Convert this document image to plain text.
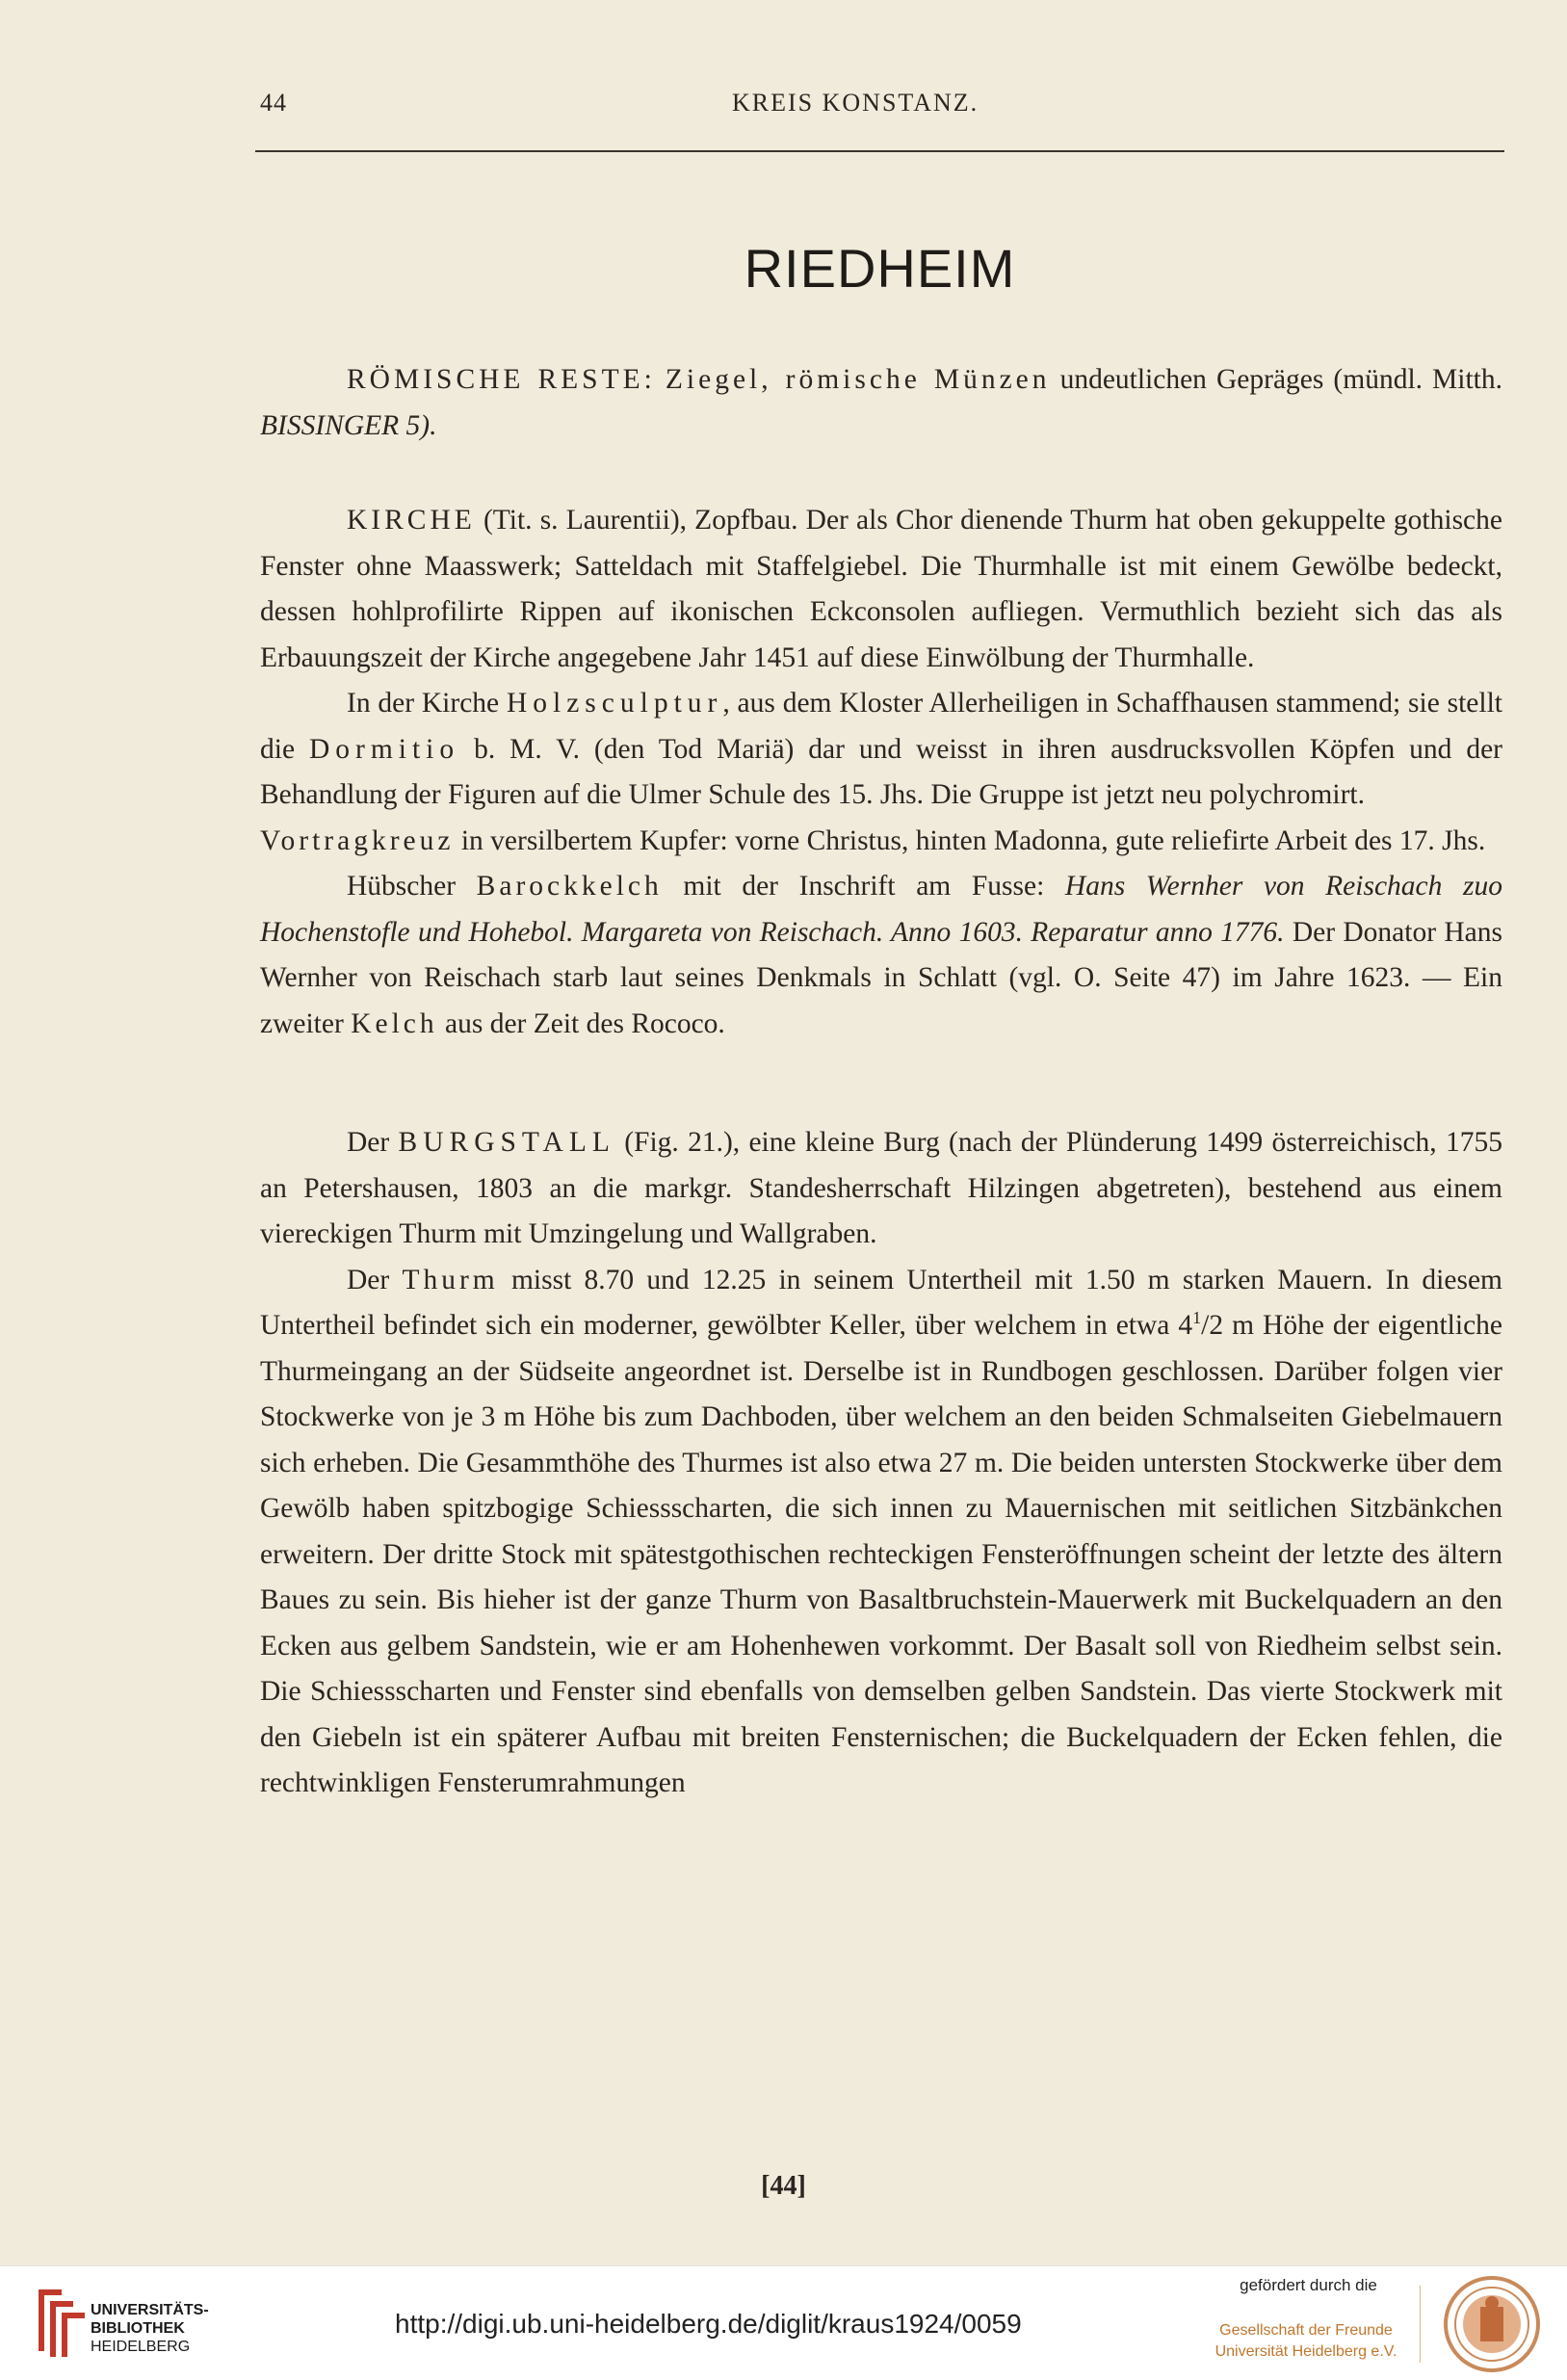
44	KREIS KONSTANZ.
RIEDHEIM

RÖMISCHE RESTE: Ziegel, römische Münzen undeutlichen Gepräges (mündl. Mitth. BISSINGER 5).

KIRCHE (Tit. s. Laurentii), Zopfbau. Der als Chor dienende Thurm hat oben gekuppelte gothische Fenster ohne Maasswerk; Satteldach mit Staffelgiebel. Die Thurmhalle ist mit einem Gewölbe bedeckt, dessen hohlprofilirte Rippen auf ikonischen Eckconsolen aufliegen. Vermuthlich bezieht sich das als Erbauungszeit der Kirche angegebene Jahr 1451 auf diese Einwölbung der Thurmhalle.

In der Kirche Holzsculptur, aus dem Kloster Allerheiligen in Schaffhausen stammend; sie stellt die Dormitio b. M. V. (den Tod Mariä) dar und weisst in ihren ausdrucksvollen Köpfen und der Behandlung der Figuren auf die Ulmer Schule des 15. Jhs. Die Gruppe ist jetzt neu polychromirt.

Vortragkreuz in versilbertem Kupfer: vorne Christus, hinten Madonna, gute reliefirte Arbeit des 17. Jhs.

Hübscher Barockkelch mit der Inschrift am Fusse: Hans Wernher von Reischach zuo Hochenstofle und Hohebol. Margareta von Reischach. Anno 1603. Reparatur anno 1776. Der Donator Hans Wernher von Reischach starb laut seines Denkmals in Schlatt (vgl. O. Seite 47) im Jahre 1623. — Ein zweiter Kelch aus der Zeit des Rococo.

Der BURGSTALL (Fig. 21.), eine kleine Burg (nach der Plünderung 1499 österreichisch, 1755 an Petershausen, 1803 an die markgr. Standesherrschaft Hilzingen abgetreten), bestehend aus einem viereckigen Thurm mit Umzingelung und Wallgraben.

Der Thurm misst 8.70 und 12.25 in seinem Untertheil mit 1.50 m starken Mauern. In diesem Untertheil befindet sich ein moderner, gewölbter Keller, über welchem in etwa $4^1/2$ m Höhe der eigentliche Thurmeingang an der Südseite angeordnet ist. Derselbe ist in Rundbogen geschlossen. Darüber folgen vier Stockwerke von je 3 m Höhe bis zum Dachboden, über welchem an den beiden Schmalseiten Giebelmauern sich erheben. Die Gesammthöhe des Thurmes ist also etwa 27 m. Die beiden untersten Stockwerke über dem Gewölb haben spitzbogige Schiessscharten, die sich innen zu Mauernischen mit seitlichen Sitzbänkchen erweitern. Der dritte Stock mit spätestgothischen rechteckigen Fensteröffnungen scheint der letzte des ältern Baues zu sein. Bis hieher ist der ganze Thurm von Basaltbruchstein-Mauerwerk mit Buckelquadern an den Ecken aus gelbem Sandstein, wie er am Hohenhewen vorkommt. Der Basalt soll von Riedheim selbst sein. Die Schiessscharten und Fenster sind ebenfalls von demselben gelben Sandstein. Das vierte Stockwerk mit den Giebeln ist ein späterer Aufbau mit breiten Fensternischen; die Buckelquadern der Ecken fehlen, die rechtwinkligen Fensterumrahmungen

[44]
UNIVERSITÄTS-
BIBLIOTHEK
HEIDELBERG
http://digi.ub.uni-heidelberg.de/diglit/kraus1924/0059
gefördert durch die
Gesellschaft der Freunde
Universität Heidelberg e.V.
